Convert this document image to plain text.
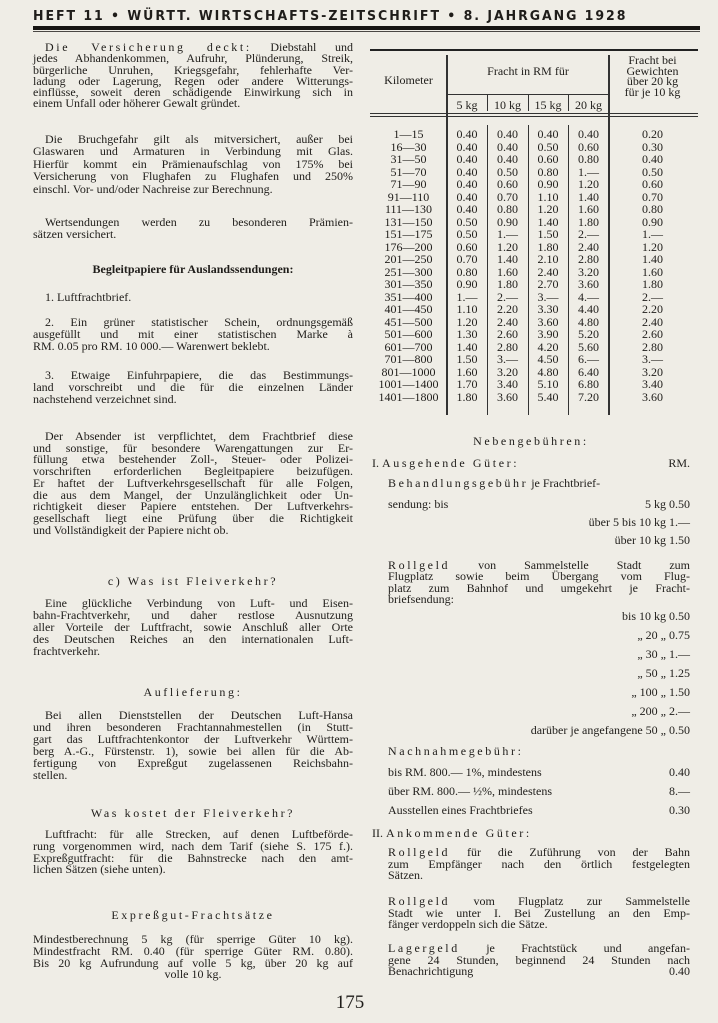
HEFT 11 • WÜRTT. WIRTSCHAFTS-ZEITSCHRIFT • 8. JAHRGANG 1928
Die Versicherung deckt: Diebstahl und
jedes Abhandenkommen, Aufruhr, Plünderung, Streik,
bürgerliche Unruhen, Kriegsgefahr, fehlerhafte Ver-
ladung oder Lagerung, Regen oder andere Witterungs-
einflüsse, soweit deren schädigende Einwirkung sich in
einem Unfall oder höherer Gewalt gründet.
Die Bruchgefahr gilt als mitversichert, außer bei
Glaswaren und Armaturen in Verbindung mit Glas.
Hierfür kommt ein Prämienaufschlag von 175% bei
Versicherung von Flughafen zu Flughafen und 250%
einschl. Vor- und/oder Nachreise zur Berechnung.
Wertsendungen werden zu besonderen Prämien-
sätzen versichert.
Begleitpapiere für Auslandssendungen:
1. Luftfrachtbrief.
2. Ein grüner statistischer Schein, ordnungsgemäß
ausgefüllt und mit einer statistischen Marke à
RM. 0.05 pro RM. 10 000.— Warenwert beklebt.
3. Etwaige Einfuhrpapiere, die das Bestimmungs-
land vorschreibt und die für die einzelnen Länder
nachstehend verzeichnet sind.
Der Absender ist verpflichtet, dem Frachtbrief diese
und sonstige, für besondere Warengattungen zur Er-
füllung etwa bestehender Zoll-, Steuer- oder Polizei-
vorschriften erforderlichen Begleitpapiere beizufügen.
Er haftet der Luftverkehrsgesellschaft für alle Folgen,
die aus dem Mangel, der Unzulänglichkeit oder Un-
richtigkeit dieser Papiere entstehen. Der Luftverkehrs-
gesellschaft liegt eine Prüfung über die Richtigkeit
und Vollständigkeit der Papiere nicht ob.
c) Was ist Fleiverkehr?
Eine glückliche Verbindung von Luft- und Eisen-
bahn-Frachtverkehr, und daher restlose Ausnutzung
aller Vorteile der Luftfracht, sowie Anschluß aller Orte
des Deutschen Reiches an den internationalen Luft-
frachtverkehr.
Auflieferung:
Bei allen Dienststellen der Deutschen Luft-Hansa
und ihren besonderen Frachtannahmestellen (in Stutt-
gart das Luftfrachtenkontor der Luftverkehr Württem-
berg A.-G., Fürstenstr. 1), sowie bei allen für die Ab-
fertigung von Expreßgut zugelassenen Reichsbahn-
stellen.
Was kostet der Fleiverkehr?
Luftfracht: für alle Strecken, auf denen Luftbeförde-
rung vorgenommen wird, nach dem Tarif (siehe S. 175 f.).
Expreßgutfracht: für die Bahnstrecke nach den amt-
lichen Sätzen (siehe unten).
Expreßgut-Frachtsätze
Mindestberechnung 5 kg (für sperrige Güter 10 kg).
Mindestfracht RM. 0.40 (für sperrige Güter RM. 0.80).
Bis 20 kg Aufrundung auf volle 5 kg, über 20 kg auf
volle 10 kg.
Kilometer
Fracht in RM für
5 kg	10 kg	15 kg	20 kg
Fracht bei
Gewichten
über 20 kg
für je 10 kg
1—15	0.40	0.40	0.40	0.40	0.20
16—30	0.40	0.40	0.50	0.60	0.30
31—50	0.40	0.40	0.60	0.80	0.40
51—70	0.40	0.50	0.80	1.—	0.50
71—90	0.40	0.60	0.90	1.20	0.60
91—110	0.40	0.70	1.10	1.40	0.70
111—130	0.40	0.80	1.20	1.60	0.80
131—150	0.50	0.90	1.40	1.80	0.90
151—175	0.50	1.—	1.50	2.—	1.—
176—200	0.60	1.20	1.80	2.40	1.20
201—250	0.70	1.40	2.10	2.80	1.40
251—300	0.80	1.60	2.40	3.20	1.60
301—350	0.90	1.80	2.70	3.60	1.80
351—400	1.—	2.—	3.—	4.—	2.—
401—450	1.10	2.20	3.30	4.40	2.20
451—500	1.20	2.40	3.60	4.80	2.40
501—600	1.30	2.60	3.90	5.20	2.60
601—700	1.40	2.80	4.20	5.60	2.80
701—800	1.50	3.—	4.50	6.—	3.—
801—1000	1.60	3.20	4.80	6.40	3.20
1001—1400	1.70	3.40	5.10	6.80	3.40
1401—1800	1.80	3.60	5.40	7.20	3.60
Nebengebühren:
I. Ausgehende Güter:	RM.
Behandlungsgebühr je Frachtbrief-
sendung: bis	5 kg 0.50
über 5 bis 10 kg 1.—
über 10 kg 1.50
Rollgeld von Sammelstelle Stadt zum
Flugplatz sowie beim Übergang vom Flug-
platz zum Bahnhof und umgekehrt je Fracht-
briefsendung:
bis 10 kg 0.50
„ 20 „ 0.75
„ 30 „ 1.—
„ 50 „ 1.25
„ 100 „ 1.50
„ 200 „ 2.—
darüber je angefangene 50 „ 0.50
Nachnahmegebühr:
bis RM. 800.— 1%, mindestens	0.40
über RM. 800.— ½%, mindestens	8.—
Ausstellen eines Frachtbriefes	0.30
II. Ankommende Güter:
Rollgeld für die Zuführung von der Bahn
zum Empfänger nach den örtlich festgelegten
Sätzen.
Rollgeld vom Flugplatz zur Sammelstelle
Stadt wie unter I. Bei Zustellung an den Emp-
fänger verdoppeln sich die Sätze.
Lagergeld je Frachtstück und angefan-
gene 24 Stunden, beginnend 24 Stunden nach
Benachrichtigung	0.40
175
